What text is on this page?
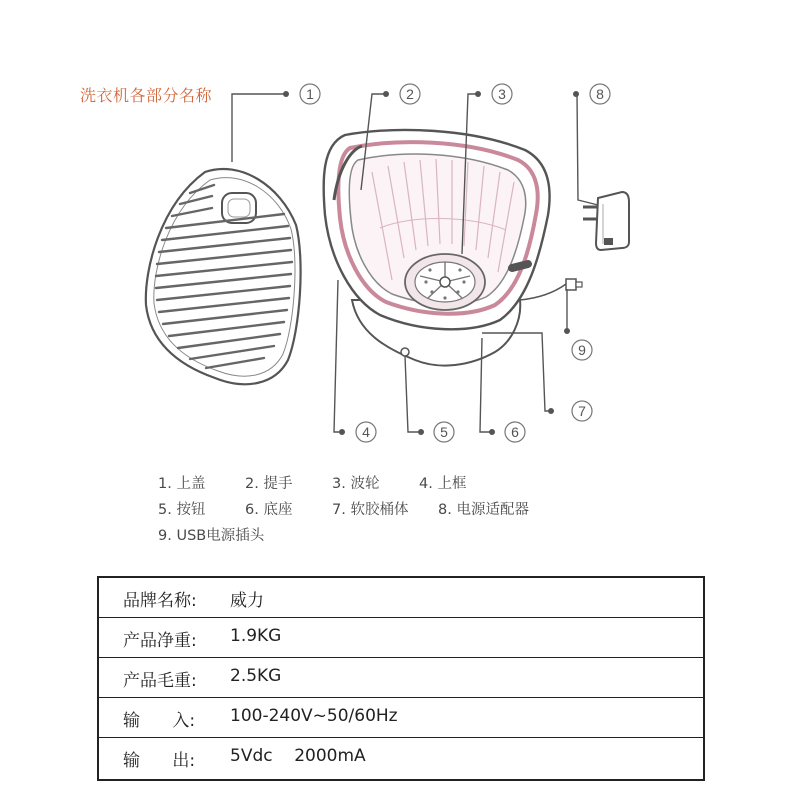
洗衣机各部分名称	1	2	3	8
9
7
4	5	6
1. 上盖	2. 提手	3. 波轮	4. 上框
5. 按钮	6. 底座	7. 软胶桶体 8. 电源适配器
9. USB电源插头
品牌名称: 威力
产品净重: 1.9KG
产品毛重: 2.5KG
输      入: 100-240V~50/60Hz
输      出: 5Vdc    2000mA
